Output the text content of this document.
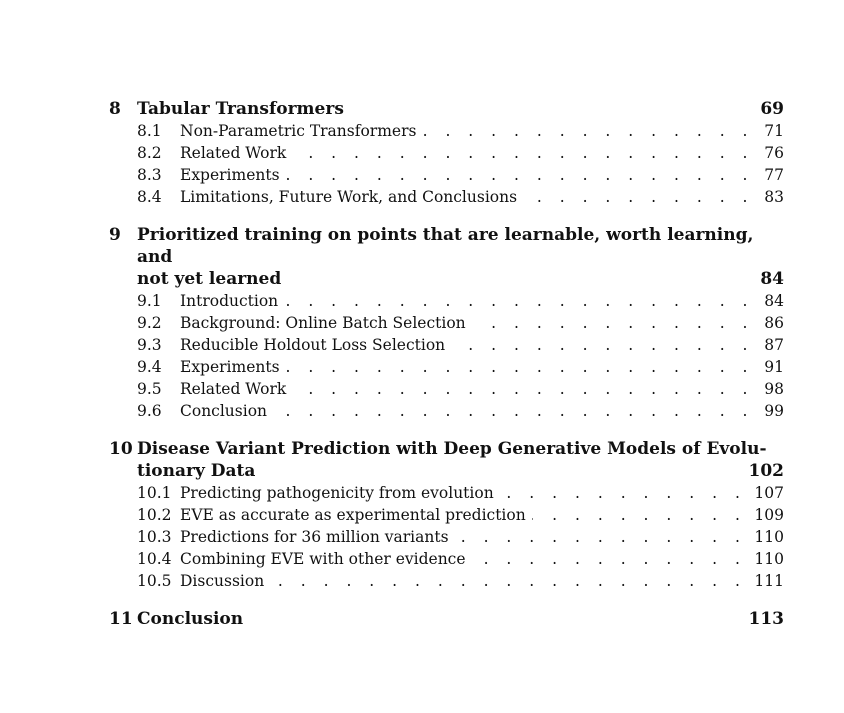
8 Tabular Transformers	69
8.1	Non-Parametric Transformers . . .	71
8.2	Related Work . . .	76
8.3	Experiments . . .	77
8.4	Limitations, Future Work, and Conclusions . . .	83
9 Prioritized training on points that are learnable, worth learning, and
not yet learned	84
9.1	Introduction . . .	84
9.2	Background: Online Batch Selection . . .	86
9.3	Reducible Holdout Loss Selection . . .	87
9.4	Experiments . . .	91
9.5	Related Work . . .	98
9.6	Conclusion . . .	99
10 Disease Variant Prediction with Deep Generative Models of Evolu-
tionary Data	102
10.1 Predicting pathogenicity from evolution . . .	107
10.2 EVE as accurate as experimental prediction . . .	109
10.3 Predictions for 36 million variants . . .	110
10.4 Combining EVE with other evidence . . .	110
10.5 Discussion . . .	111
11 Conclusion	113
